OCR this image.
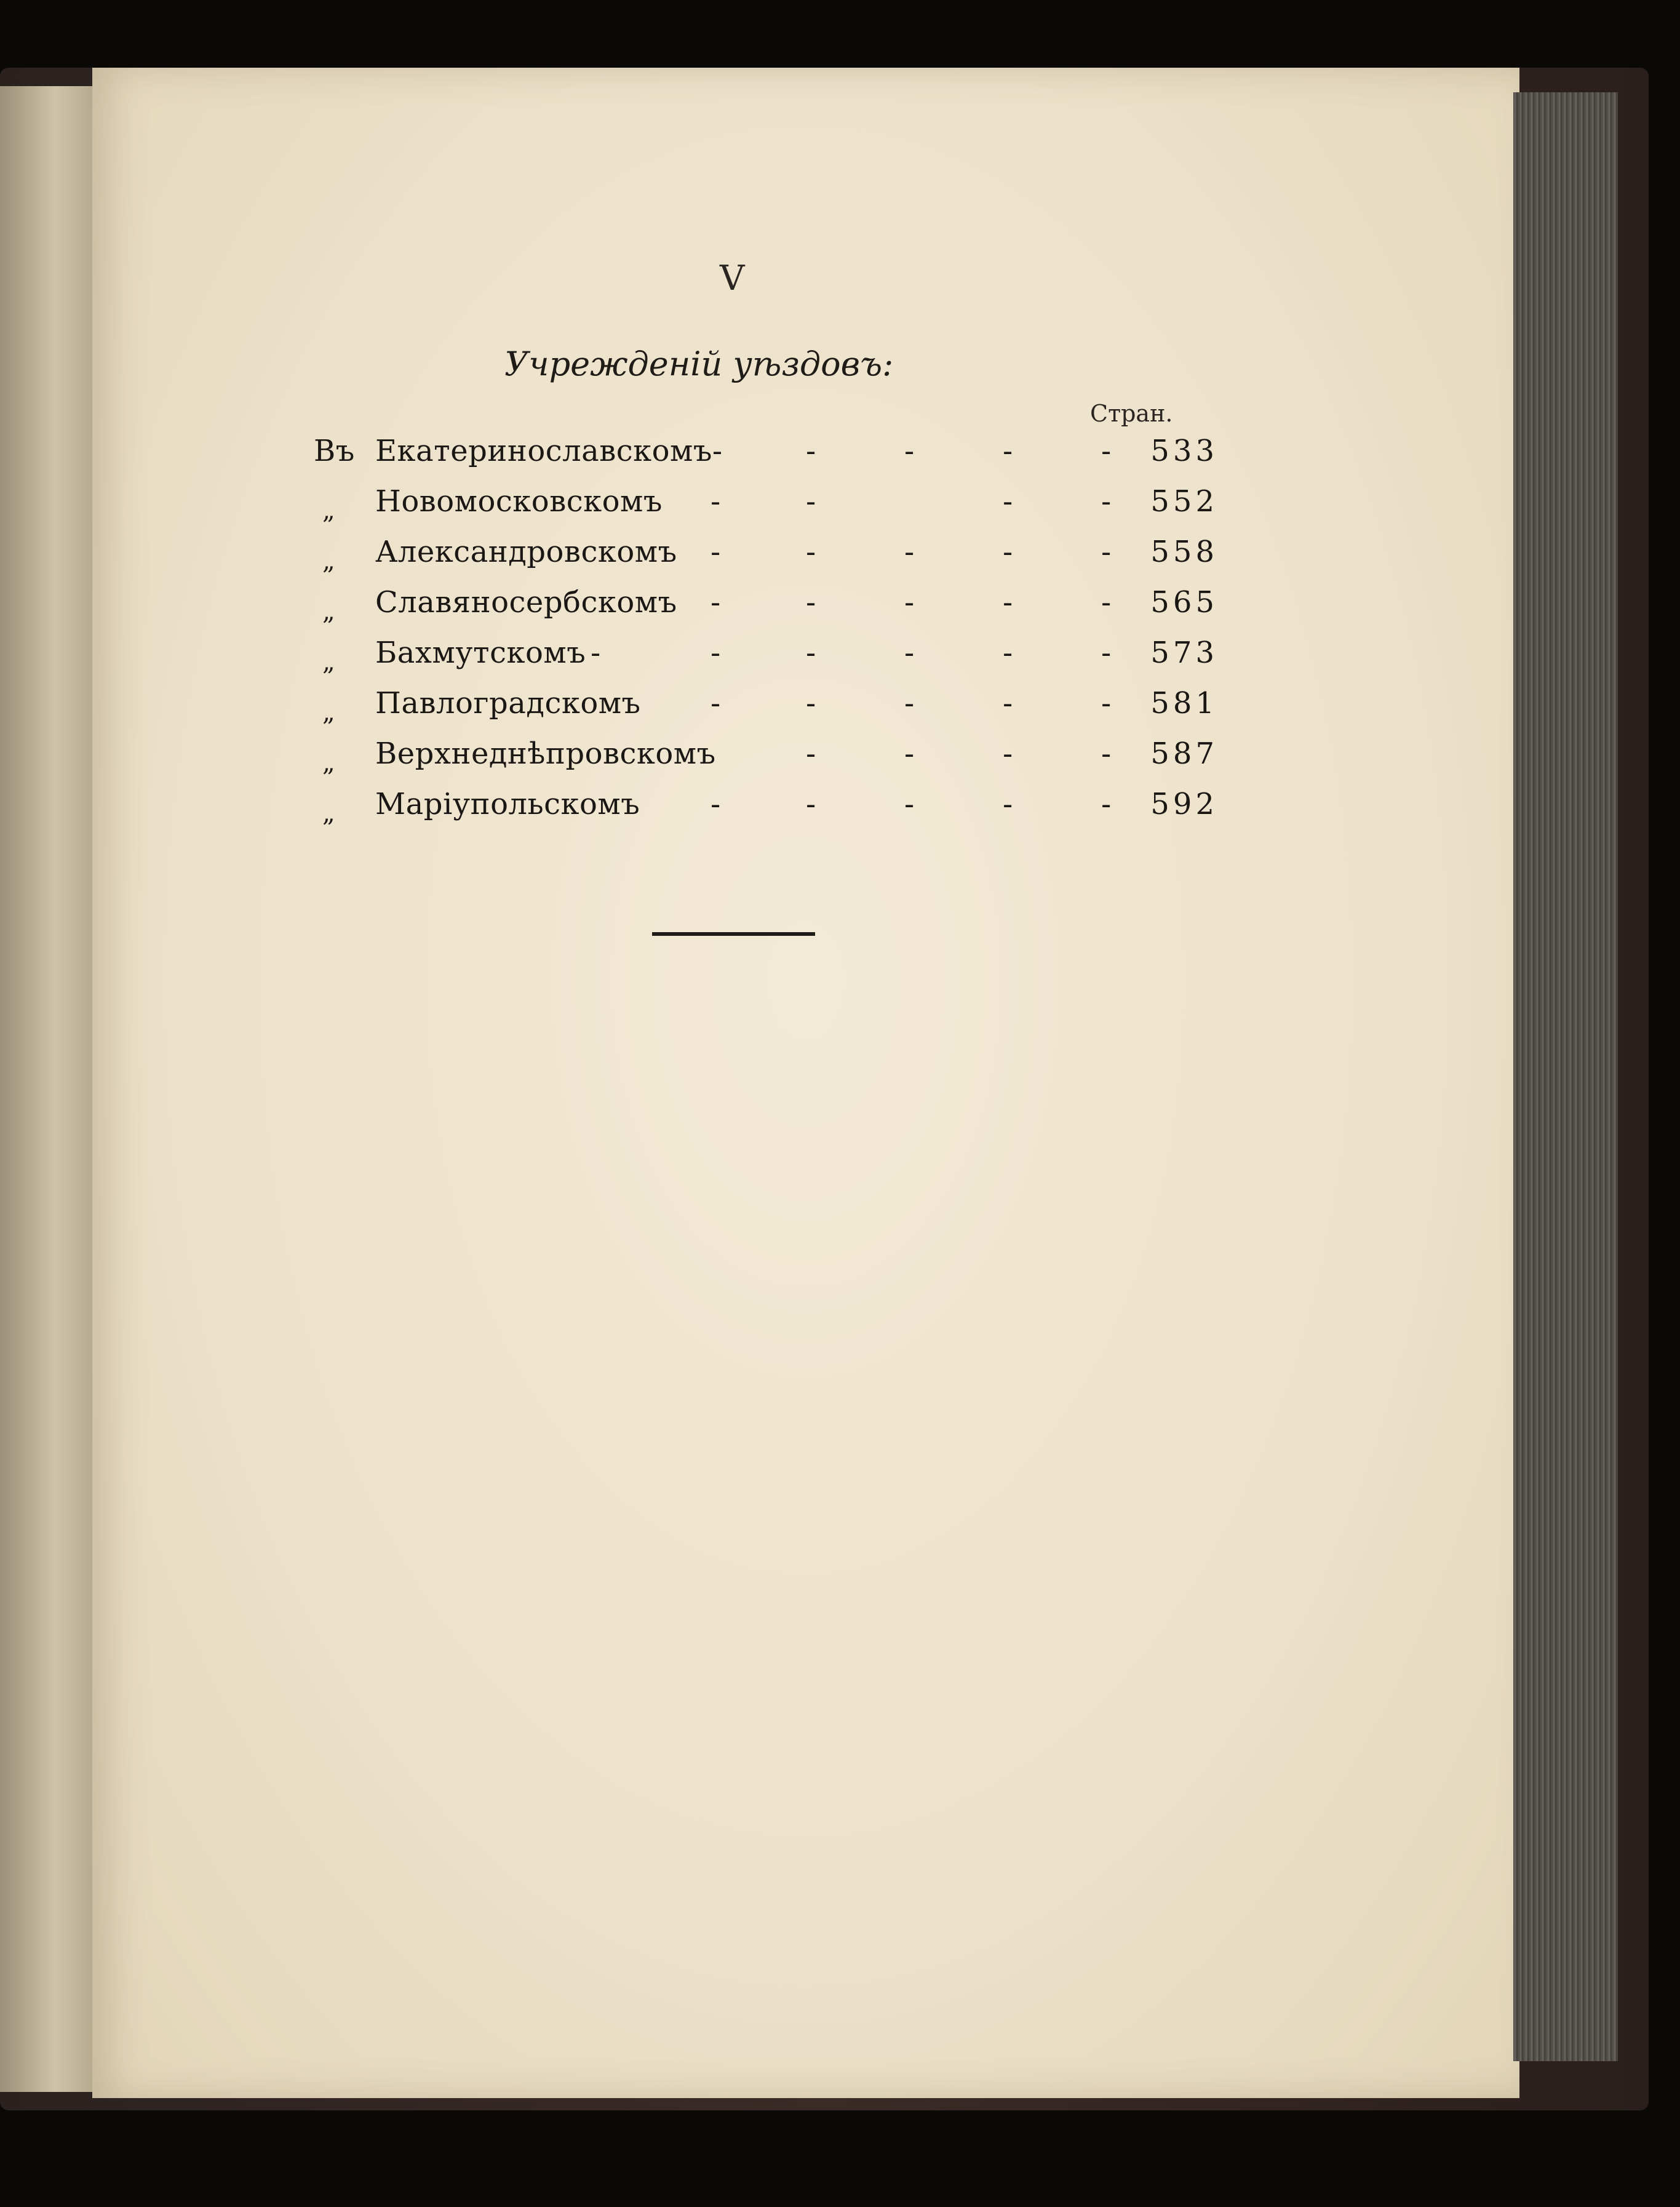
V
Учрежденій уѣздовъ:
Стран.
Въ Екатеринославскомъ-	-	-	-	- 533
„	Новомосковскомъ -	-	-	- 552
„	Александровскомъ -	-	-	-	- 558
„	Славяносербскомъ -	-	-	-	- 565
„	Бахмутскомъ -	-	-	-	-	- 573
„	Павлоградскомъ -	-	-	-	- 581
„	Верхнеднѣпровскомъ	-	-	-	- 587
„	Маріупольскомъ -	-	-	-	- 592
